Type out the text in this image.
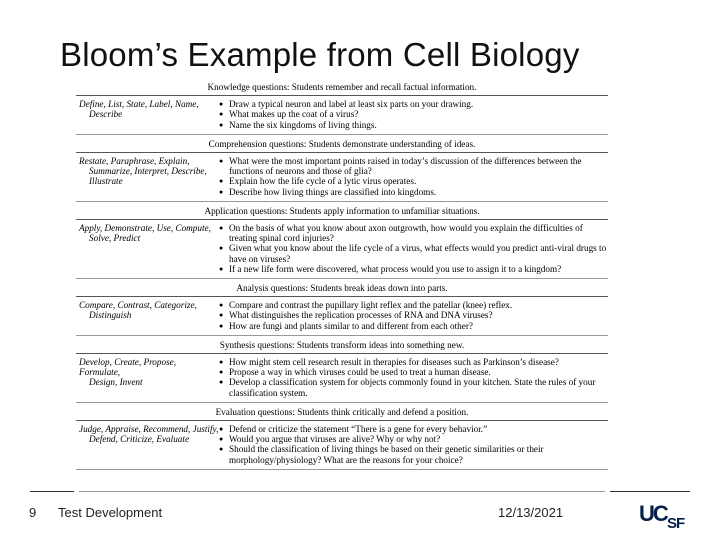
Bloom’s Example from Cell Biology
Knowledge questions: Students remember and recall factual information.
Define, List, State, Label, Name,
Describe
● Draw a typical neuron and label at least six parts on your drawing.
● What makes up the coat of a virus?
● Name the six kingdoms of living things.
Comprehension questions: Students demonstrate understanding of ideas.
Restate, Paraphrase, Explain,
Summarize, Interpret, Describe,
Illustrate
● What were the most important points raised in today’s discussion of the differences between the functions of neurons and those of glia?
● Explain how the life cycle of a lytic virus operates.
● Describe how living things are classified into kingdoms.
Application questions: Students apply information to unfamiliar situations.
Apply, Demonstrate, Use, Compute,
Solve, Predict
● On the basis of what you know about axon outgrowth, how would you explain the difficulties of treating spinal cord injuries?
● Given what you know about the life cycle of a virus, what effects would you predict anti-viral drugs to have on viruses?
● If a new life form were discovered, what process would you use to assign it to a kingdom?
Analysis questions: Students break ideas down into parts.
Compare, Contrast, Categorize,
Distinguish
● Compare and contrast the pupillary light reflex and the patellar (knee) reflex.
● What distinguishes the replication processes of RNA and DNA viruses?
● How are fungi and plants similar to and different from each other?
Synthesis questions: Students transform ideas into something new.
Develop, Create, Propose, Formulate,
Design, Invent
● How might stem cell research result in therapies for diseases such as Parkinson’s disease?
● Propose a way in which viruses could be used to treat a human disease.
● Develop a classification system for objects commonly found in your kitchen. State the rules of your classification system.
Evaluation questions: Students think critically and defend a position.
Judge, Appraise, Recommend, Justify,
Defend, Criticize, Evaluate
● Defend or criticize the statement “There is a gene for every behavior.”
● Would you argue that viruses are alive? Why or why not?
● Should the classification of living things be based on their genetic similarities or their morphology/physiology? What are the reasons for your choice?
9 Test Development	12/13/2021	UC SF
